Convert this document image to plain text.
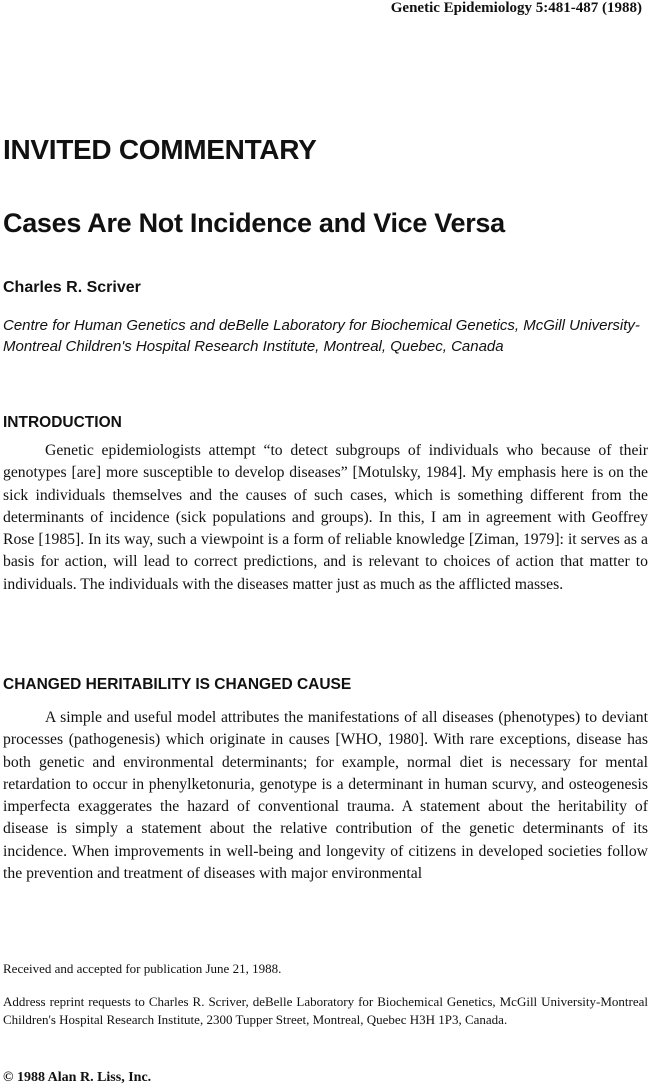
Genetic Epidemiology 5:481-487 (1988)
INVITED COMMENTARY
Cases Are Not Incidence and Vice Versa
Charles R. Scriver
Centre for Human Genetics and deBelle Laboratory for Biochemical Genetics, McGill University-Montreal Children's Hospital Research Institute, Montreal, Quebec, Canada
INTRODUCTION

Genetic epidemiologists attempt “to detect subgroups of individuals who because of their genotypes [are] more susceptible to develop diseases” [Motulsky, 1984]. My emphasis here is on the sick individuals themselves and the causes of such cases, which is something different from the determinants of incidence (sick populations and groups). In this, I am in agreement with Geoffrey Rose [1985]. In its way, such a viewpoint is a form of reliable knowledge [Ziman, 1979]: it serves as a basis for action, will lead to correct predictions, and is relevant to choices of action that matter to individuals. The individuals with the diseases matter just as much as the afflicted masses.

CHANGED HERITABILITY IS CHANGED CAUSE

A simple and useful model attributes the manifestations of all diseases (phenotypes) to deviant processes (pathogenesis) which originate in causes [WHO, 1980]. With rare exceptions, disease has both genetic and environmental determinants; for example, normal diet is necessary for mental retardation to occur in phenylketonuria, genotype is a determinant in human scurvy, and osteogenesis imperfecta exaggerates the hazard of conventional trauma. A statement about the heritability of disease is simply a statement about the relative contribution of the genetic determinants of its incidence. When improvements in well-being and longevity of citizens in developed societies follow the prevention and treatment of diseases with major environmental

Received and accepted for publication June 21, 1988.

Address reprint requests to Charles R. Scriver, deBelle Laboratory for Biochemical Genetics, McGill University-Montreal Children's Hospital Research Institute, 2300 Tupper Street, Montreal, Quebec H3H 1P3, Canada.

© 1988 Alan R. Liss, Inc.
